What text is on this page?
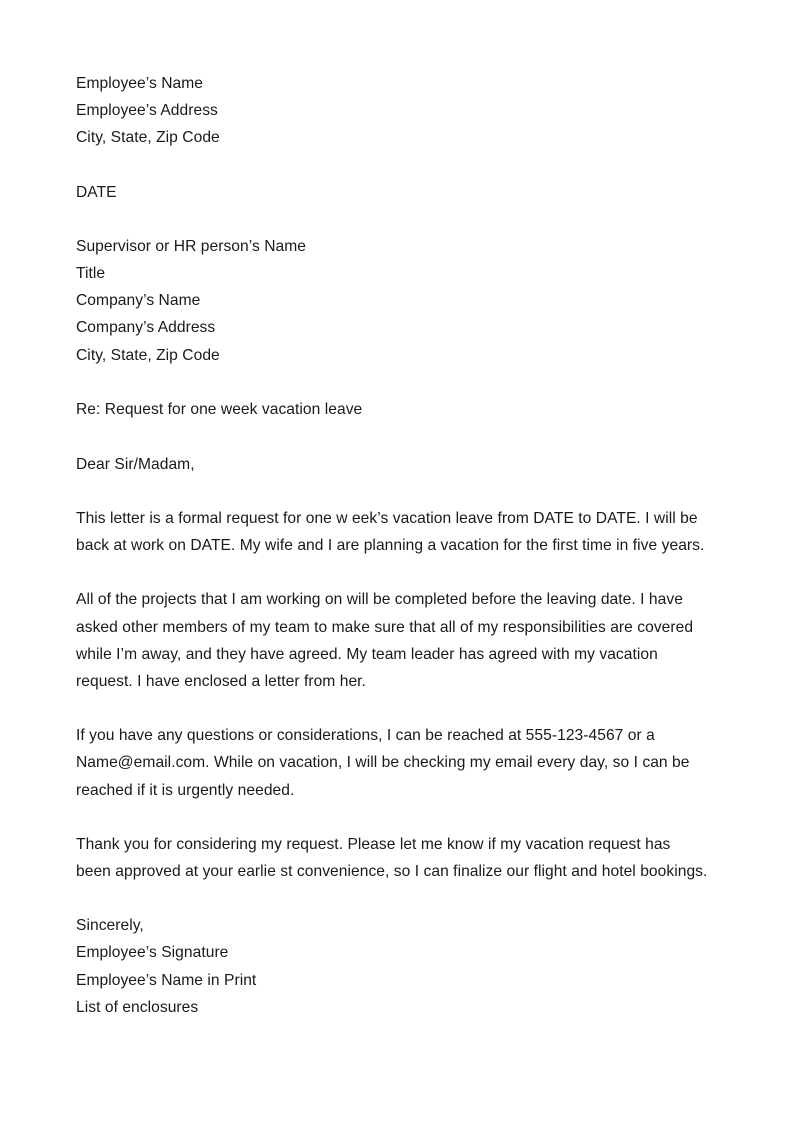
Employee’s Name
Employee’s Address
City, State, Zip Code
DATE
Supervisor or HR person’s Name
Title
Company’s Name
Company’s Address
City, State, Zip Code
Re: Request for one week vacation leave
Dear Sir/Madam,
This letter is a formal request for one w eek’s vacation leave from DATE to DATE. I will be
back at work on DATE. My wife and I are planning a vacation for the first time in five years.
All of the projects that I am working on will be completed before the leaving date. I have
asked other members of my team to make sure that all of my responsibilities are covered
while I’m away, and they have agreed. My team leader has agreed with my vacation
request. I have enclosed a letter from her.
If you have any questions or considerations, I can be reached at 555-123-4567 or a
Name@email.com. While on vacation, I will be checking my email every day, so I can be
reached if it is urgently needed.
Thank you for considering my request. Please let me know if my vacation request has
been approved at your earlie st convenience, so I can finalize our flight and hotel bookings.
Sincerely,
Employee’s Signature
Employee’s Name in Print
List of enclosures
